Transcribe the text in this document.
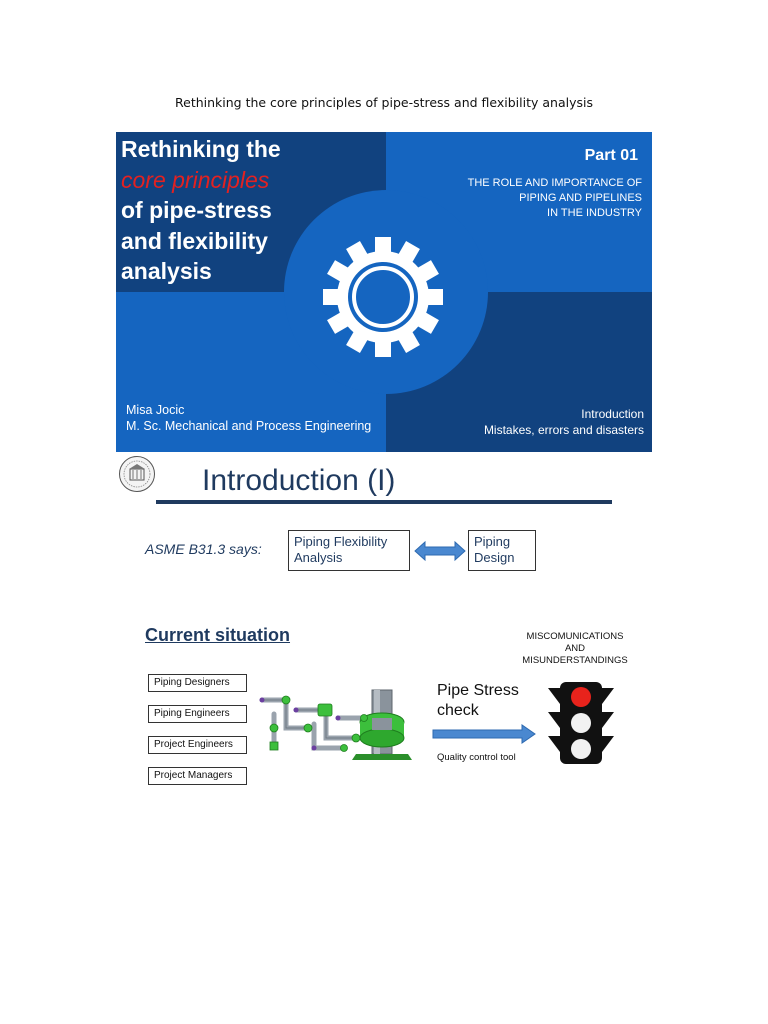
Rethinking the core principles of pipe-stress and flexibility analysis
Rethinking the
core principles
of pipe-stress
and flexibility
analysis
Part 01
THE ROLE AND IMPORTANCE OF
PIPING AND PIPELINES
IN THE INDUSTRY
Misa Jocic
M. Sc. Mechanical and Process Engineering
Introduction
Mistakes, errors and disasters
Introduction (I)
ASME B31.3 says: Piping Flexibility
Analysis
Piping
Design
Current situation	MISCOMUNICATIONS
AND
MISUNDERSTANDINGS
Piping Designers
Piping Engineers
Project Engineers
Project Managers
Pipe Stress
check
Quality control tool
